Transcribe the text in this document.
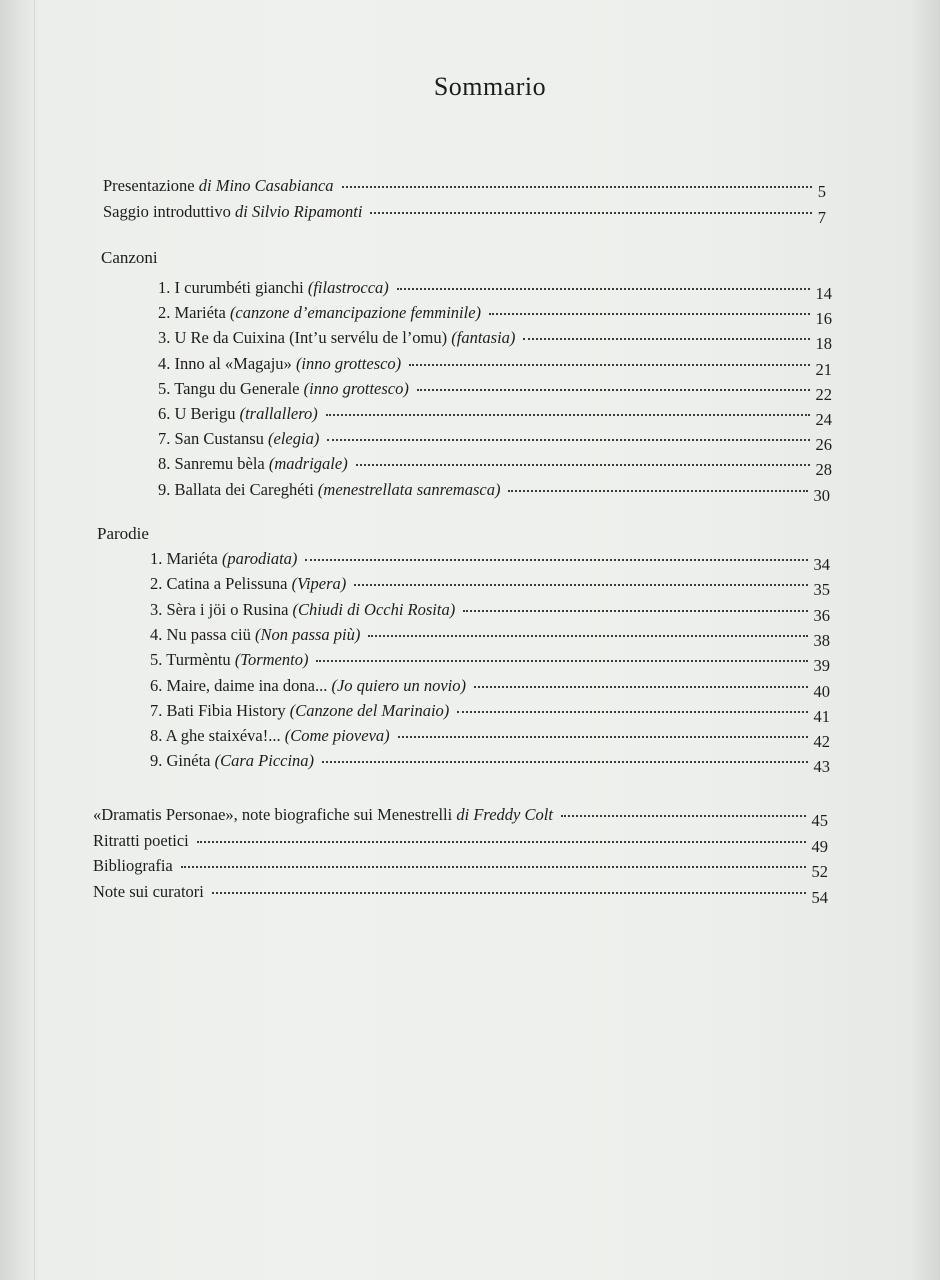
Sommario
Presentazione di Mino Casabianca	5
Saggio introduttivo di Silvio Ripamonti	7
1. I curumbéti gianchi (filastrocca)	14
2. Mariéta (canzone d’emancipazione femminile)	16
3. U Re da Cuixina (Int’u servélu de l’omu) (fantasia)	18
4. Inno al «Magaju» (inno grottesco)	21
5. Tangu du Generale (inno grottesco)	22
6. U Berigu (trallallero)	24
7. San Custansu (elegia)	26
8. Sanremu bèla (madrigale)	28
9. Ballata dei Careghéti (menestrellata sanremasca)	30
1. Mariéta (parodiata)	34
2. Catina a Pelissuna (Vipera)	35
3. Sèra i jöi o Rusina (Chiudi di Occhi Rosita)	36
4. Nu passa ciü (Non passa più)	38
5. Turmèntu (Tormento)	39
6. Maire, daime ina dona... (Jo quiero un novio)	40
7. Bati Fibia History (Canzone del Marinaio)	41
8. A ghe staixéva!... (Come pioveva)	42
9. Ginéta (Cara Piccina)	43
«Dramatis Personae», note biografiche sui Menestrelli di Freddy Colt	45
Ritratti poetici	49
Bibliografia	52
Note sui curatori	54
Canzoni
Parodie
